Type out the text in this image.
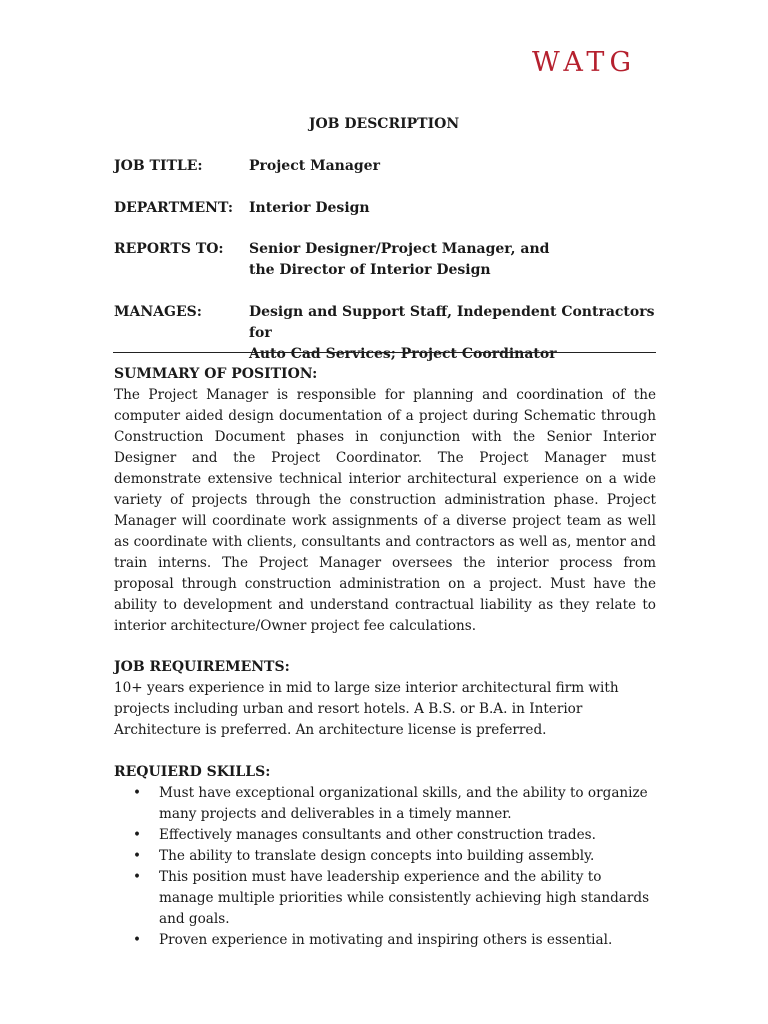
WATG
JOB DESCRIPTION
JOB TITLE:	Project Manager
DEPARTMENT: Interior Design
REPORTS TO: Senior Designer/Project Manager, and
the Director of Interior Design
MANAGES:	Design and Support Staff, Independent Contractors for
Auto Cad Services; Project Coordinator

SUMMARY OF POSITION:

The Project Manager is responsible for planning and coordination of the computer aided design documentation of a project during Schematic through Construction Document phases in conjunction with the Senior Interior Designer and the Project Coordinator. The Project Manager must demonstrate extensive technical interior architectural experience on a wide variety of projects through the construction administration phase. Project Manager will coordinate work assignments of a diverse project team as well as coordinate with clients, consultants and contractors as well as, mentor and train interns. The Project Manager oversees the interior process from proposal through construction administration on a project. Must have the ability to development and understand contractual liability as they relate to interior architecture/Owner project fee calculations.

JOB REQUIREMENTS:

10+ years experience in mid to large size interior architectural firm with projects including urban and resort hotels. A B.S. or B.A. in Interior Architecture is preferred. An architecture license is preferred.

REQUIERD SKILLS:

• Must have exceptional organizational skills, and the ability to organize many projects and deliverables in a timely manner.
• Effectively manages consultants and other construction trades.
• The ability to translate design concepts into building assembly.
• This position must have leadership experience and the ability to manage multiple priorities while consistently achieving high standards and goals.
• Proven experience in motivating and inspiring others is essential.
